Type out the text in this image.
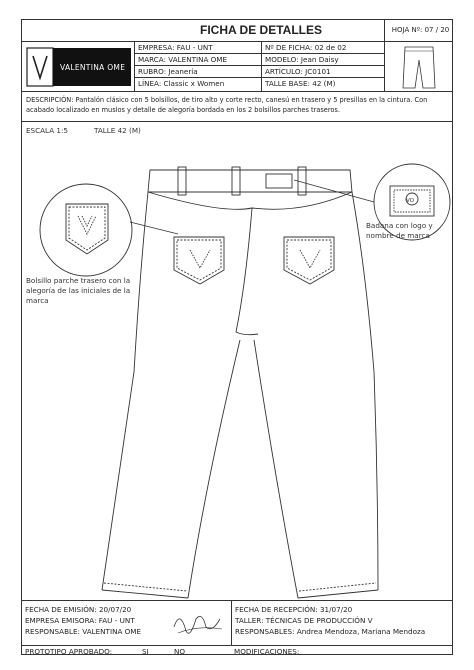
FICHA DE DETALLES	HOJA Nº: 07 / 20
VALENTINA OME
EMPRESA: FAU - UNT	Nº DE FICHA: 02 de 02
MARCA: VALENTINA OME	MODELO: Jean Daisy
RUBRO: Jeanería	ARTÍCULO: JC0101
LÍNEA: Classic x Women	TALLE BASE: 42 (M)
DESCRIPCIÓN: Pantalón clásico con 5 bolsillos, de tiro alto y corte recto, canesú en trasero y 5 presillas en la cintura. Con acabado localizado en muslos y detalle de alegoría bordada en los 2 bolsillos parches traseros.
ESCALA 1:5	TALLE 42 (M)
VO
Bolsillo parche trasero con la alegoría de las iniciales de la marca
Badana con logo y nombre de marca
FECHA DE EMISIÓN: 20/07/20
EMPRESA EMISORA: FAU - UNT
RESPONSABLE: VALENTINA OME
FECHA DE RECEPCIÓN: 31/07/20
TALLER: TÉCNICAS DE PRODUCCIÓN V
RESPONSABLES: Andrea Mendoza, Mariana Mendoza
PROTOTIPO APROBADO:	SI	NO	MODIFICACIONES:
